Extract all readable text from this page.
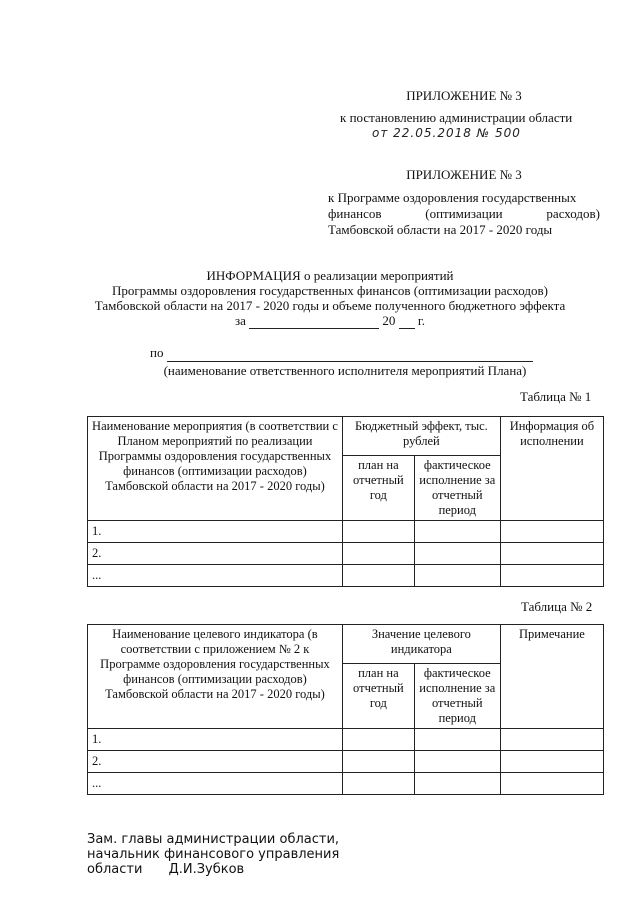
ПРИЛОЖЕНИЕ № 3
к постановлению администрации области
от 22.05.2018 № 500
ПРИЛОЖЕНИЕ № 3
к Программе оздоровления государственных
финансов (оптимизации расходов)
Тамбовской области на 2017 - 2020 годы
ИНФОРМАЦИЯ о реализации мероприятий
Программы оздоровления государственных финансов (оптимизации расходов)
Тамбовской области на 2017 - 2020 годы и объеме полученного бюджетного эффекта
за	20 г.
по
(наименование ответственного исполнителя мероприятий Плана)
Таблица № 1
Наименование мероприятия (в соответствии с Планом мероприятий по реализации Программы оздоровления государственных финансов (оптимизации расходов) Тамбовской области на 2017 - 2020 годы)	Бюджетный эффект, тыс. рублей		Информация об исполнении
	план на отчетный год	фактическое исполнение за отчетный период	
1.			
2.			
...			
Таблица № 2
Наименование целевого индикатора (в соответствии с приложением № 2 к Программе оздоровления государственных финансов (оптимизации расходов) Тамбовской области на 2017 - 2020 годы)	Значение целевого индикатора		Примечание
	план на отчетный год	фактическое исполнение за отчетный период	
1.			
2.			
...			
Зам. главы администрации области,
начальник финансового управления
области Д.И.Зубков
